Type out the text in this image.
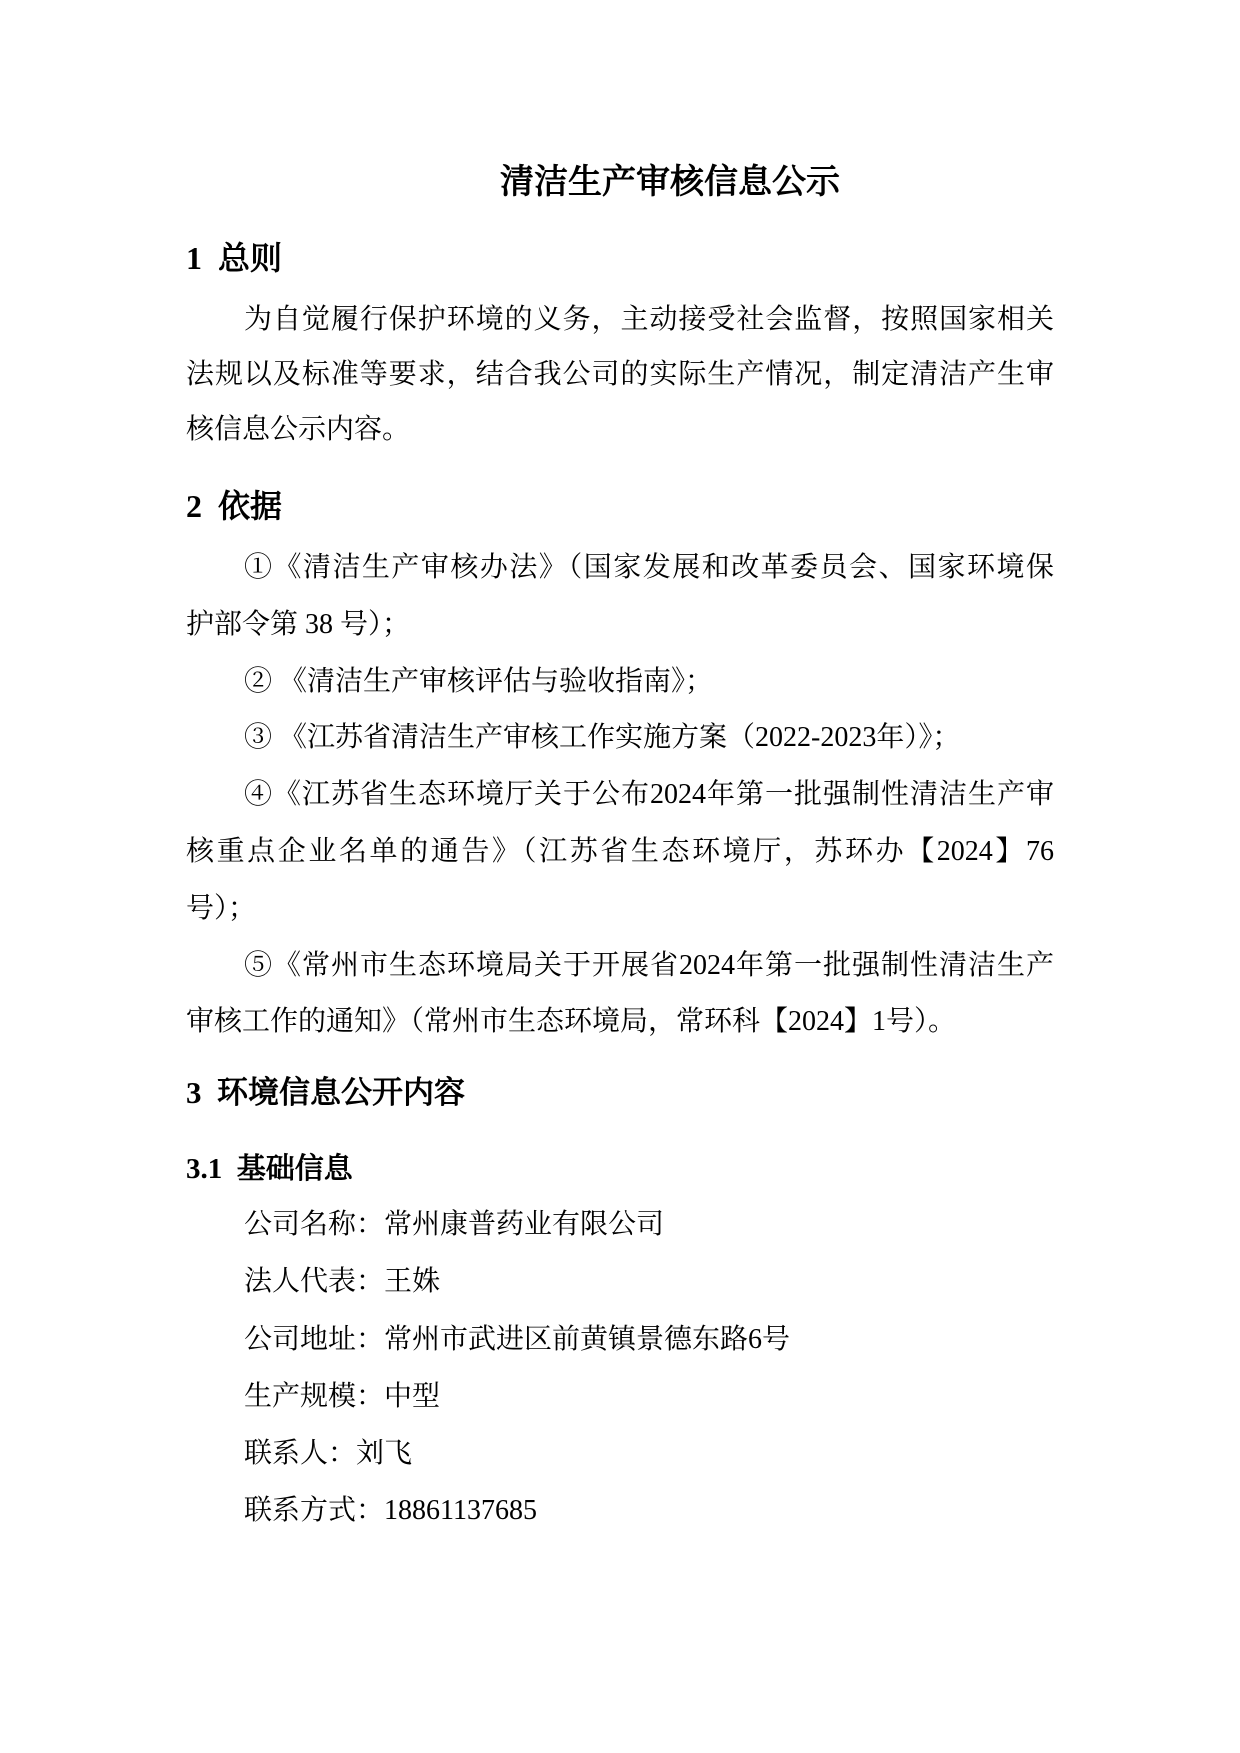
清洁生产审核信息公示
1  总则
为自觉履行保护环境的义务，主动接受社会监督，按照国家相关
法规以及标准等要求，结合我公司的实际生产情况，制定清洁产生审
核信息公示内容。
2  依据
①《清洁生产审核办法》（国家发展和改革委员会、国家环境保
护部令第 38 号）；
② 《清洁生产审核评估与验收指南》；
③ 《江苏省清洁生产审核工作实施方案（2022-2023年）》；
④《江苏省生态环境厅关于公布2024年第一批强制性清洁生产审
核重点企业名单的通告》（江苏省生态环境厅，苏环办【2024】76
号）；
⑤《常州市生态环境局关于开展省2024年第一批强制性清洁生产
审核工作的通知》（常州市生态环境局，常环科【2024】1号）。
3  环境信息公开内容
3.1  基础信息
公司名称：常州康普药业有限公司
法人代表：王姝
公司地址：常州市武进区前黄镇景德东路6号
生产规模：中型
联系人：刘飞
联系方式：18861137685
